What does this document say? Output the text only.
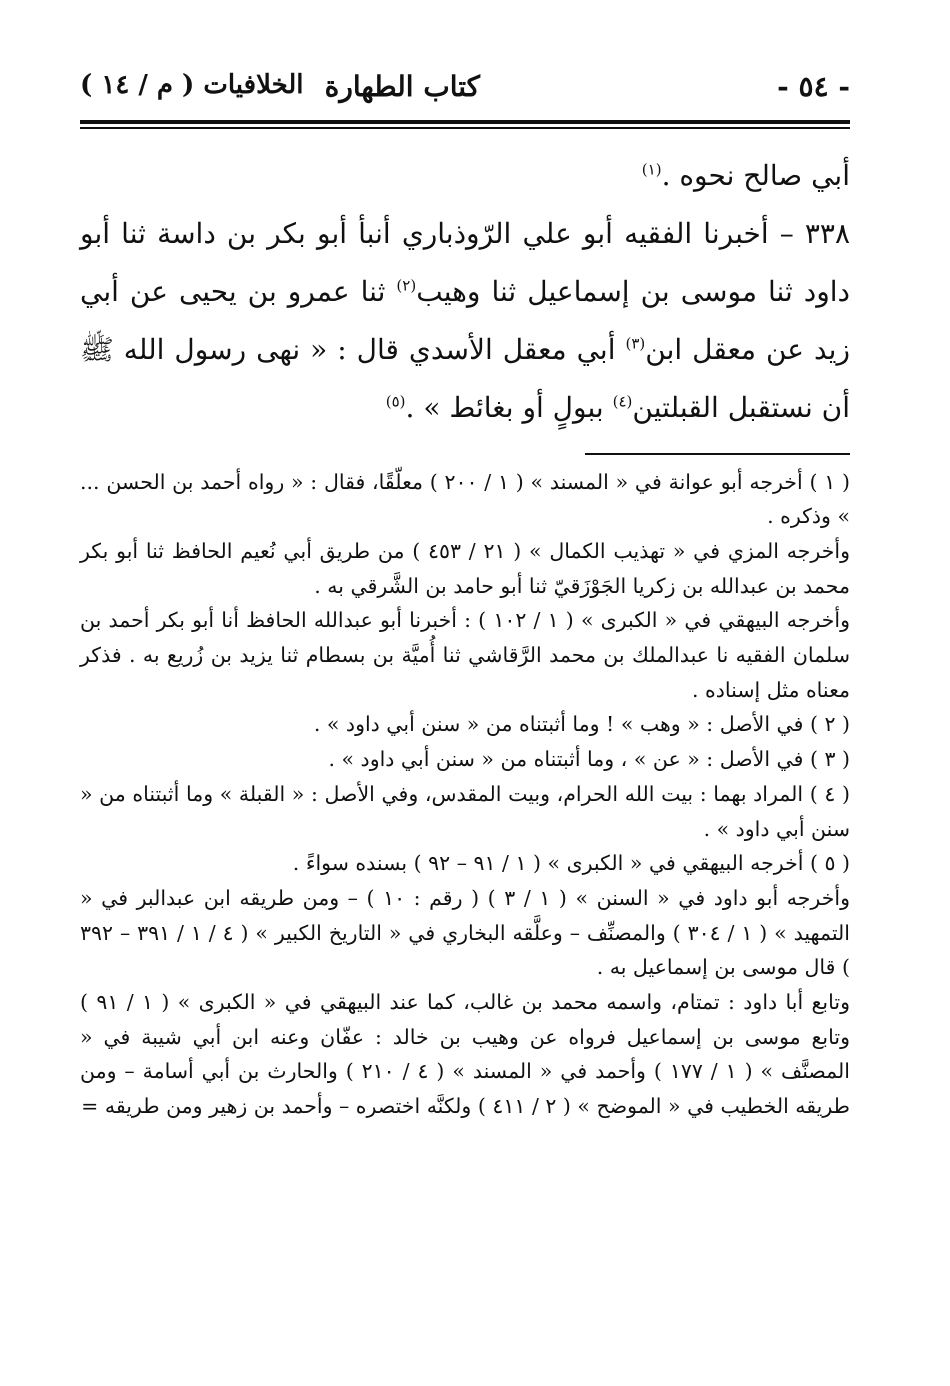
- ٥٤ -
كتاب الطهارة
الخلافيات ( م / ١٤ )

أبي صالح نحوه .$^{(١)}$

٣٣٨ – أخبرنا الفقيه أبو علي الرّوذباري أنبأ أبو بكر بن داسة ثنا أبو داود ثنا موسى بن إسماعيل ثنا وهيب$^{(٢)}$ ثنا عمرو بن يحيى عن أبي زيد عن معقل ابن$^{(٣)}$ أبي معقل الأسدي قال : « نهى رسول الله ﷺ أن نستقبل القبلتين$^{(٤)}$ ببولٍ أو بغائط » .$^{(٥)}$

( ١ ) أخرجه أبو عوانة في « المسند » ( ١ / ٢٠٠ ) معلّقًا، فقال : « رواه أحمد بن الحسن ... » وذكره .

وأخرجه المزي في « تهذيب الكمال » ( ٢١ / ٤٥٣ ) من طريق أبي نُعيم الحافظ ثنا أبو بكر محمد بن عبدالله بن زكريا الجَوْزَقيّ ثنا أبو حامد بن الشَّرقي به .

وأخرجه البيهقي في « الكبرى » ( ١ / ١٠٢ ) : أخبرنا أبو عبدالله الحافظ أنا أبو بكر أحمد بن سلمان الفقيه نا عبدالملك بن محمد الرَّقاشي ثنا أُميَّة بن بسطام ثنا يزيد بن زُريع به . فذكر معناه مثل إسناده .

( ٢ ) في الأصل : « وهب » ! وما أثبتناه من « سنن أبي داود » .

( ٣ ) في الأصل : « عن » ، وما أثبتناه من « سنن أبي داود » .

( ٤ ) المراد بهما : بيت الله الحرام، وبيت المقدس، وفي الأصل : « القبلة » وما أثبتناه من « سنن أبي داود » .

( ٥ ) أخرجه البيهقي في « الكبرى » ( ١ / ٩١ – ٩٢ ) بسنده سواءً .

وأخرجه أبو داود في « السنن » ( ١ / ٣ ) ( رقم : ١٠ ) – ومن طريقه ابن عبدالبر في « التمهيد » ( ١ / ٣٠٤ ) والمصنِّف – وعلَّقه البخاري في « التاريخ الكبير » ( ٤ / ١ / ٣٩١ – ٣٩٢ ) قال موسى بن إسماعيل به .

وتابع أبا داود : تمتام، واسمه محمد بن غالب، كما عند البيهقي في « الكبرى » ( ١ / ٩١ ) وتابع موسى بن إسماعيل فرواه عن وهيب بن خالد : عفّان وعنه ابن أبي شيبة في « المصنَّف » ( ١ / ١٧٧ ) وأحمد في « المسند » ( ٤ / ٢١٠ ) والحارث بن أبي أسامة – ومن طريقه الخطيب في « الموضح » ( ٢ / ٤١١ ) ولكنَّه اختصره – وأحمد بن زهير ومن طريقه =
